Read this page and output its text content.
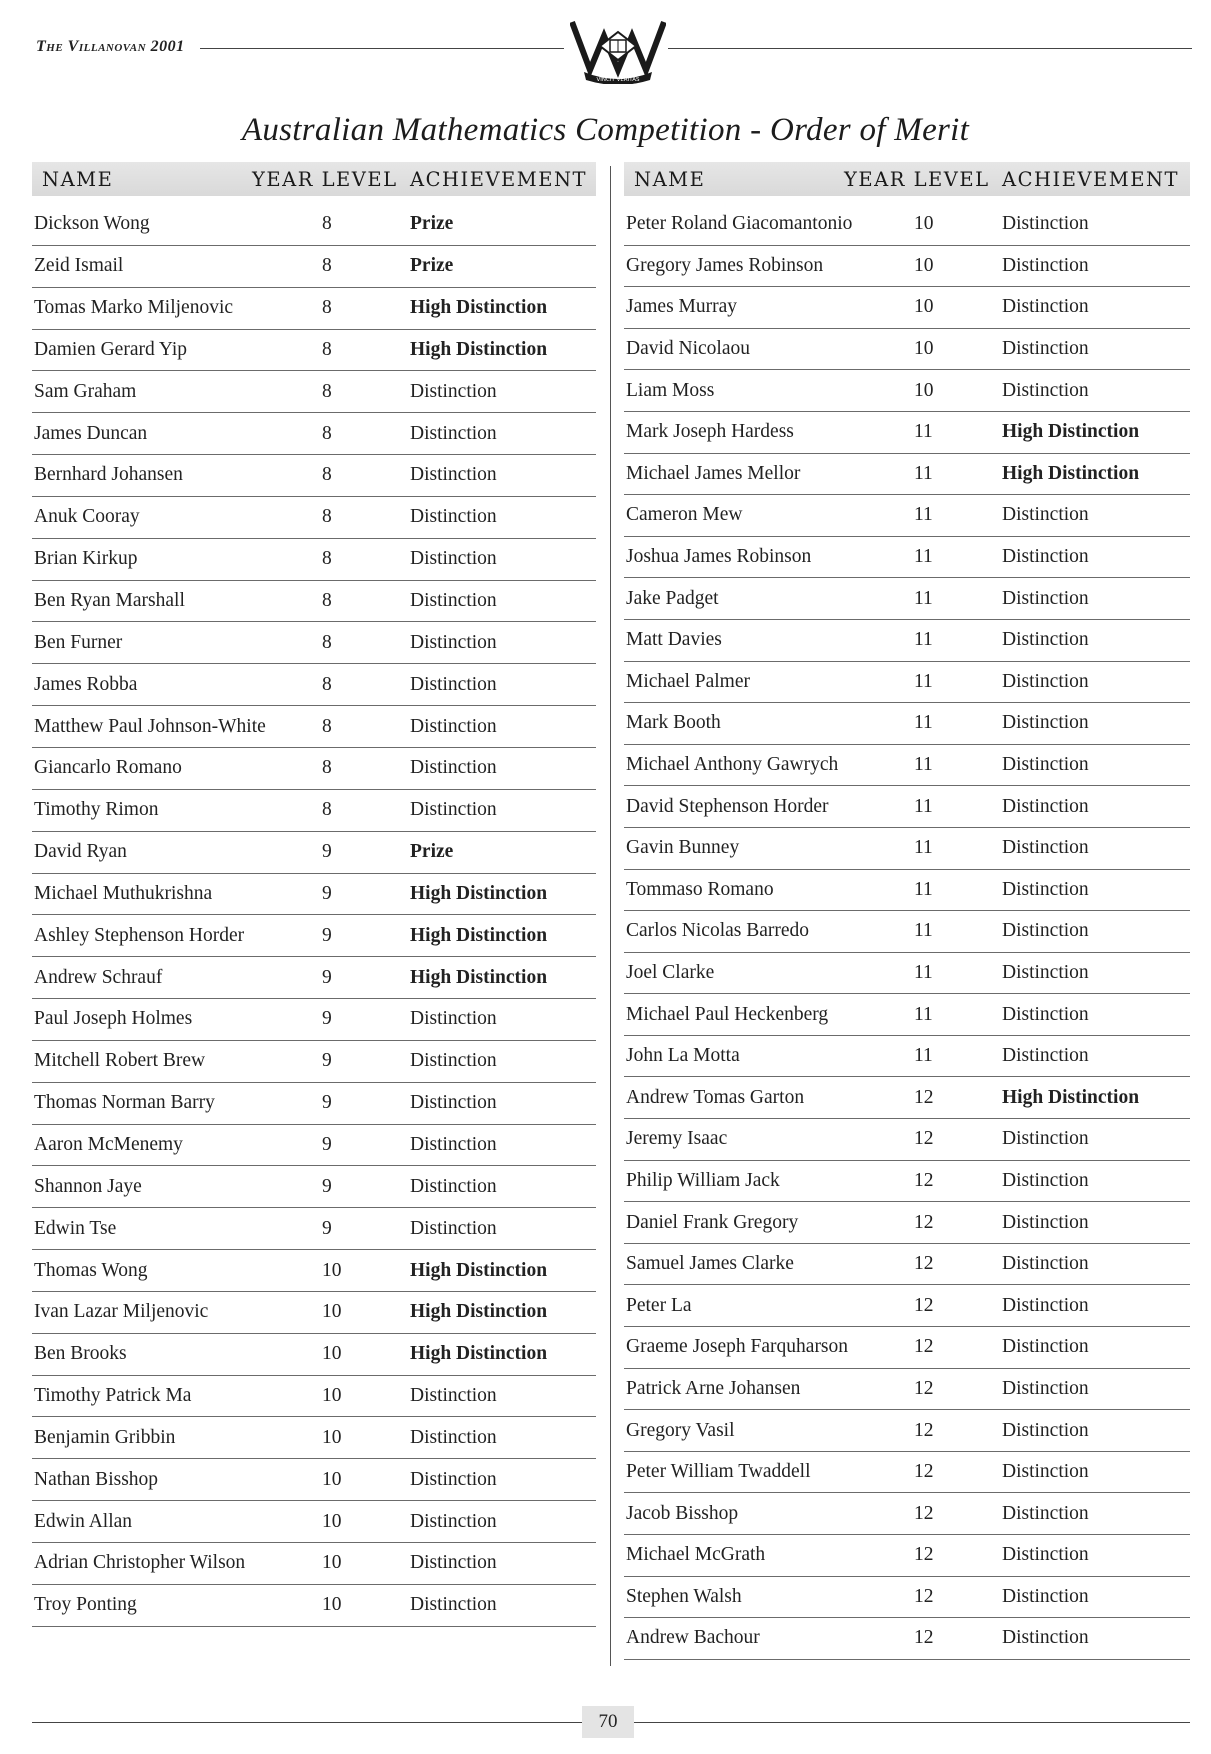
The Villanovan 2001
VINCIT VERITAS
Australian Mathematics Competition - Order of Merit
NAME	YEAR LEVEL ACHIEVEMENT
Dickson Wong	8	Prize
Zeid Ismail	8	Prize
Tomas Marko Miljenovic	8	High Distinction
Damien Gerard Yip	8	High Distinction
Sam Graham	8	Distinction
James Duncan	8	Distinction
Bernhard Johansen	8	Distinction
Anuk Cooray	8	Distinction
Brian Kirkup	8	Distinction
Ben Ryan Marshall	8	Distinction
Ben Furner	8	Distinction
James Robba	8	Distinction
Matthew Paul Johnson-White	8	Distinction
Giancarlo Romano	8	Distinction
Timothy Rimon	8	Distinction
David Ryan	9	Prize
Michael Muthukrishna	9	High Distinction
Ashley Stephenson Horder	9	High Distinction
Andrew Schrauf	9	High Distinction
Paul Joseph Holmes	9	Distinction
Mitchell Robert Brew	9	Distinction
Thomas Norman Barry	9	Distinction
Aaron McMenemy	9	Distinction
Shannon Jaye	9	Distinction
Edwin Tse	9	Distinction
Thomas Wong	10	High Distinction
Ivan Lazar Miljenovic	10	High Distinction
Ben Brooks	10	High Distinction
Timothy Patrick Ma	10	Distinction
Benjamin Gribbin	10	Distinction
Nathan Bisshop	10	Distinction
Edwin Allan	10	Distinction
Adrian Christopher Wilson	10	Distinction
Troy Ponting	10	Distinction
NAME	YEAR LEVEL ACHIEVEMENT
Peter Roland Giacomantonio	10	Distinction
Gregory James Robinson	10	Distinction
James Murray	10	Distinction
David Nicolaou	10	Distinction
Liam Moss	10	Distinction
Mark Joseph Hardess	11	High Distinction
Michael James Mellor	11	High Distinction
Cameron Mew	11	Distinction
Joshua James Robinson	11	Distinction
Jake Padget	11	Distinction
Matt Davies	11	Distinction
Michael Palmer	11	Distinction
Mark Booth	11	Distinction
Michael Anthony Gawrych	11	Distinction
David Stephenson Horder	11	Distinction
Gavin Bunney	11	Distinction
Tommaso Romano	11	Distinction
Carlos Nicolas Barredo	11	Distinction
Joel Clarke	11	Distinction
Michael Paul Heckenberg	11	Distinction
John La Motta	11	Distinction
Andrew Tomas Garton	12	High Distinction
Jeremy Isaac	12	Distinction
Philip William Jack	12	Distinction
Daniel Frank Gregory	12	Distinction
Samuel James Clarke	12	Distinction
Peter La	12	Distinction
Graeme Joseph Farquharson	12	Distinction
Patrick Arne Johansen	12	Distinction
Gregory Vasil	12	Distinction
Peter William Twaddell	12	Distinction
Jacob Bisshop	12	Distinction
Michael McGrath	12	Distinction
Stephen Walsh	12	Distinction
Andrew Bachour	12	Distinction
70
